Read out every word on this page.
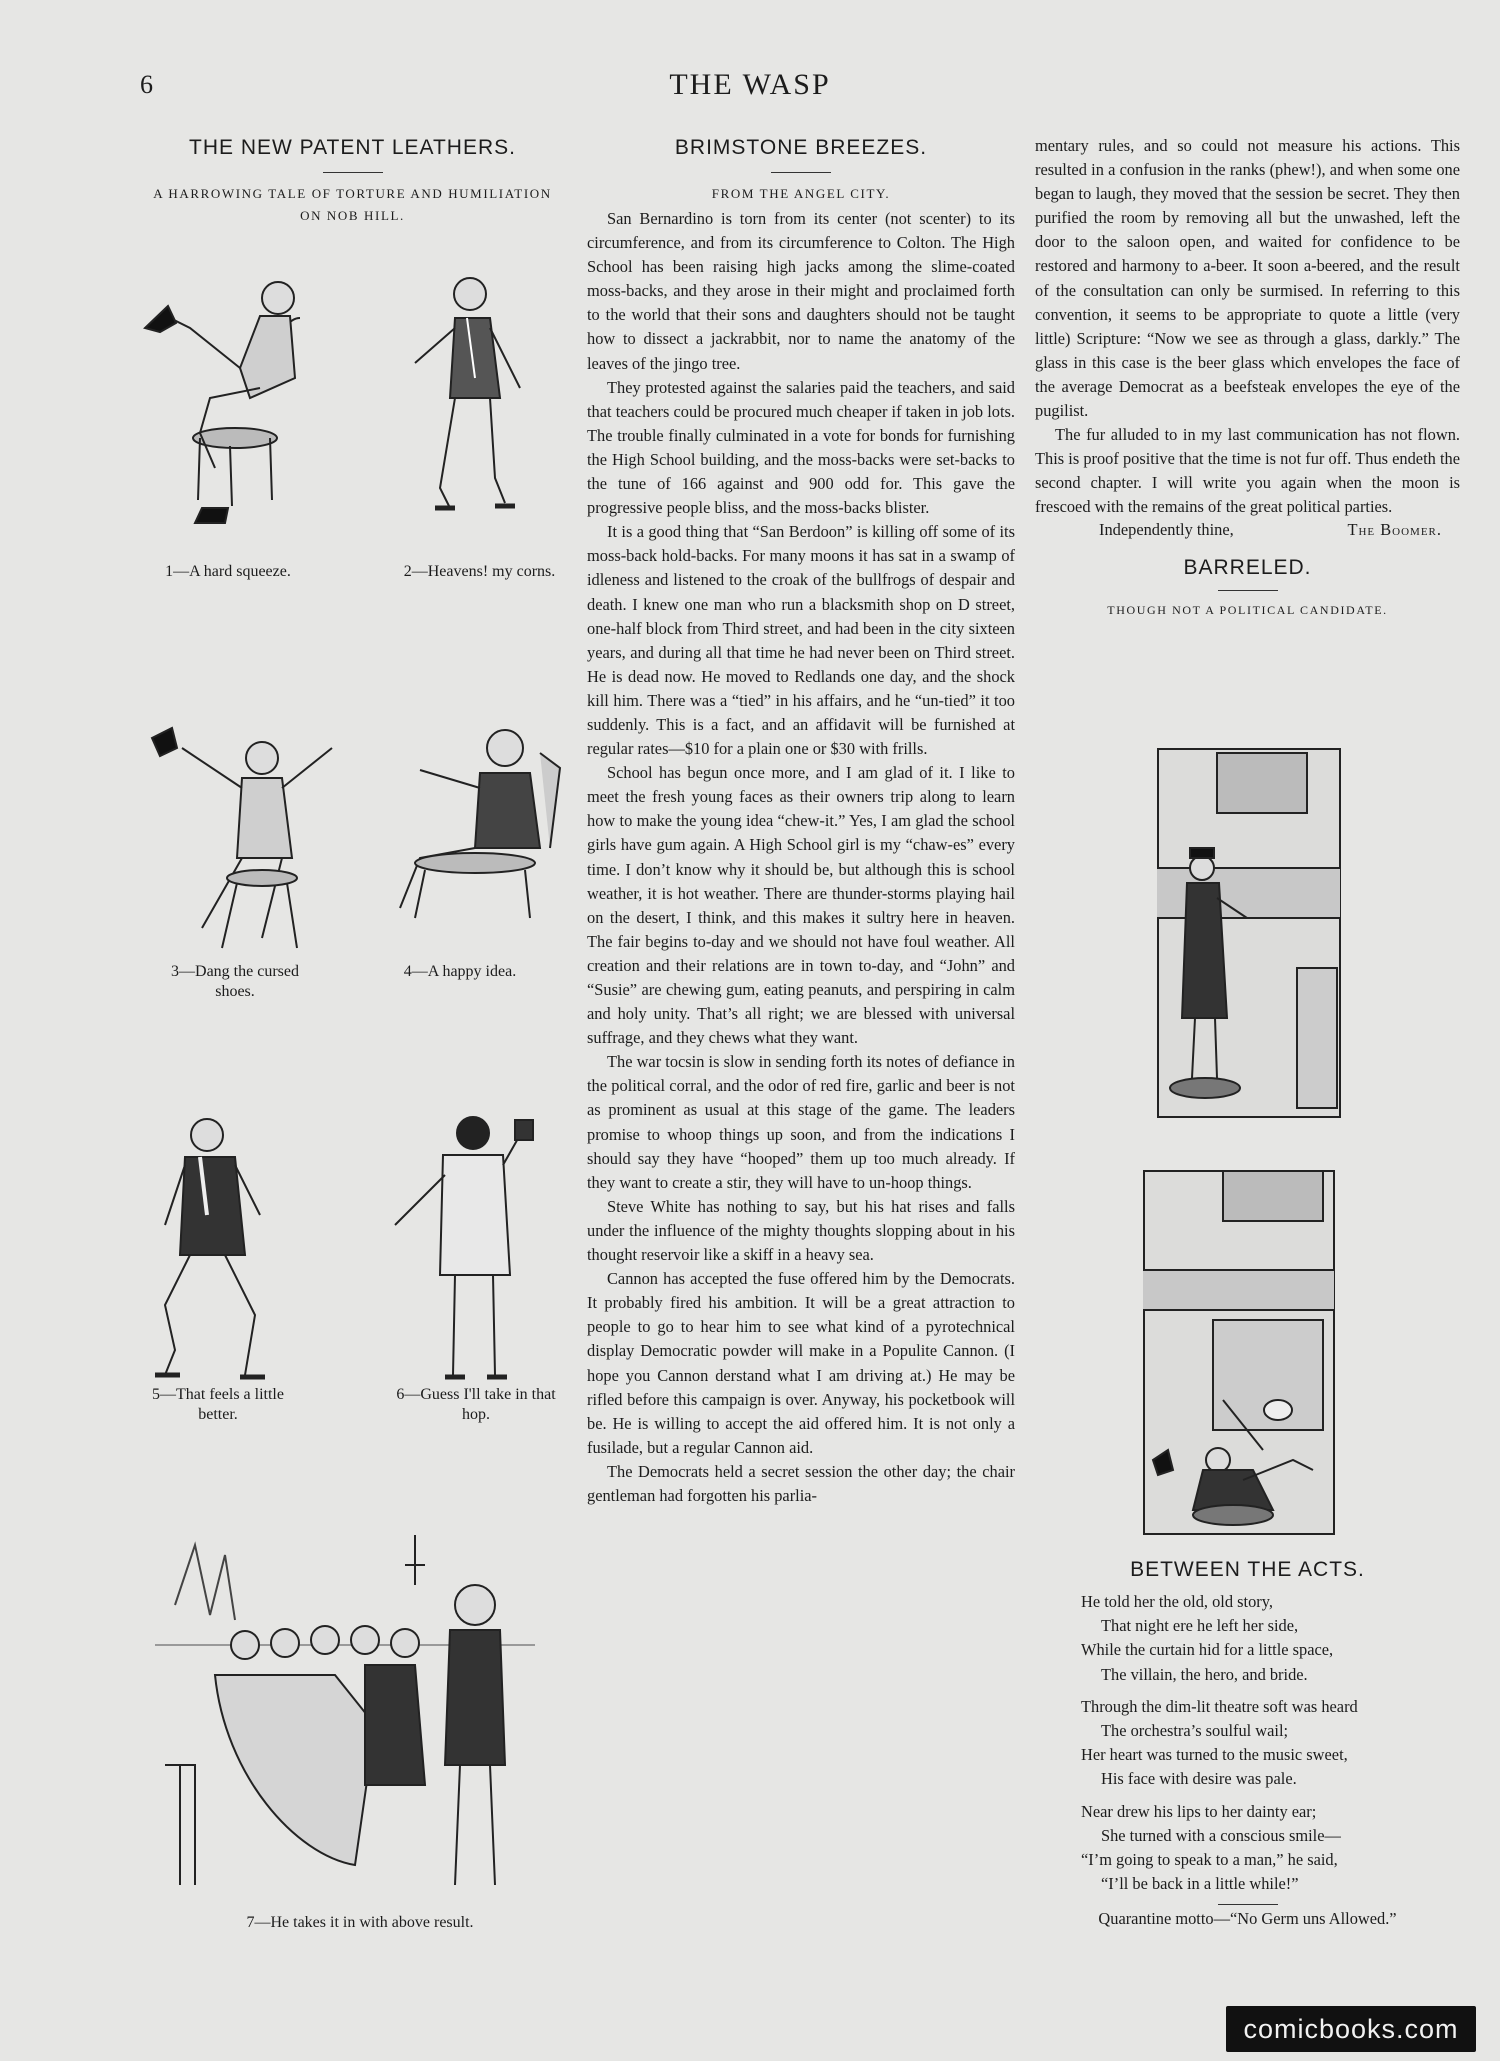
6	THE WASP
THE NEW PATENT LEATHERS.

A HARROWING TALE OF TORTURE AND HUMILIATION ON NOB HILL.

1—A hard squeeze.	2—Heavens! my corns.
3—Dang the cursed shoes.
4—A happy idea.
5—That feels a little better.
6—Guess I'll take in that hop.
7—He takes it in with above result.
BRIMSTONE BREEZES.

FROM THE ANGEL CITY.

San Bernardino is torn from its center (not scenter) to its circumference, and from its circumference to Colton. The High School has been raising high jacks among the slime-coated moss-backs, and they arose in their might and proclaimed forth to the world that their sons and daughters should not be taught how to dissect a jackrabbit, nor to name the anatomy of the leaves of the jingo tree.

They protested against the salaries paid the teachers, and said that teachers could be procured much cheaper if taken in job lots. The trouble finally culminated in a vote for bonds for furnishing the High School building, and the moss-backs were set-backs to the tune of 166 against and 900 odd for. This gave the progressive people bliss, and the moss-backs blister.

It is a good thing that “San Berdoon” is killing off some of its moss-back hold-backs. For many moons it has sat in a swamp of idleness and listened to the croak of the bullfrogs of despair and death. I knew one man who run a blacksmith shop on D street, one-half block from Third street, and had been in the city sixteen years, and during all that time he had never been on Third street. He is dead now. He moved to Redlands one day, and the shock kill him. There was a “tied” in his affairs, and he “un-tied” it too suddenly. This is a fact, and an affidavit will be furnished at regular rates—$10 for a plain one or $30 with frills.

School has begun once more, and I am glad of it. I like to meet the fresh young faces as their owners trip along to learn how to make the young idea “chew-it.” Yes, I am glad the school girls have gum again. A High School girl is my “chaw-es” every time. I don’t know why it should be, but although this is school weather, it is hot weather. There are thunder-storms playing hail on the desert, I think, and this makes it sultry here in heaven. The fair begins to-day and we should not have foul weather. All creation and their relations are in town to-day, and “John” and “Susie” are chewing gum, eating peanuts, and perspiring in calm and holy unity. That’s all right; we are blessed with universal suffrage, and they chews what they want.

The war tocsin is slow in sending forth its notes of defiance in the political corral, and the odor of red fire, garlic and beer is not as prominent as usual at this stage of the game. The leaders promise to whoop things up soon, and from the indications I should say they have “hooped” them up too much already. If they want to create a stir, they will have to un-hoop things.

Steve White has nothing to say, but his hat rises and falls under the influence of the mighty thoughts slopping about in his thought reservoir like a skiff in a heavy sea.

Cannon has accepted the fuse offered him by the Democrats. It probably fired his ambition. It will be a great attraction to people to go to hear him to see what kind of a pyrotechnical display Democratic powder will make in a Populite Cannon. (I hope you Cannon derstand what I am driving at.) He may be rifled before this campaign is over. Anyway, his pocketbook will be. He is willing to accept the aid offered him. It is not only a fusilade, but a regular Cannon aid.

The Democrats held a secret session the other day; the chair gentleman had forgotten his parlia-

mentary rules, and so could not measure his actions. This resulted in a confusion in the ranks (phew!), and when some one began to laugh, they moved that the session be secret. They then purified the room by removing all but the unwashed, left the door to the saloon open, and waited for confidence to be restored and harmony to a-beer. It soon a-beered, and the result of the consultation can only be surmised. In referring to this convention, it seems to be appropriate to quote a little (very little) Scripture: “Now we see as through a glass, darkly.” The glass in this case is the beer glass which envelopes the face of the average Democrat as a beefsteak envelopes the eye of the pugilist.

The fur alluded to in my last communication has not flown. This is proof positive that the time is not fur off. Thus endeth the second chapter. I will write you again when the moon is frescoed with the remains of the great political parties.

Independently thine,	The Boomer.
BARRELED.

THOUGH NOT A POLITICAL CANDIDATE.

BETWEEN THE ACTS.
He told her the old, old story,
That night ere he left her side,
While the curtain hid for a little space,
The villain, the hero, and bride.
Through the dim-lit theatre soft was heard
The orchestra’s soulful wail;
Her heart was turned to the music sweet,
His face with desire was pale.
Near drew his lips to her dainty ear;
She turned with a conscious smile—
“I’m going to speak to a man,” he said,
“I’ll be back in a little while!”
Quarantine motto—“No Germ uns Allowed.”
comicbooks.com
